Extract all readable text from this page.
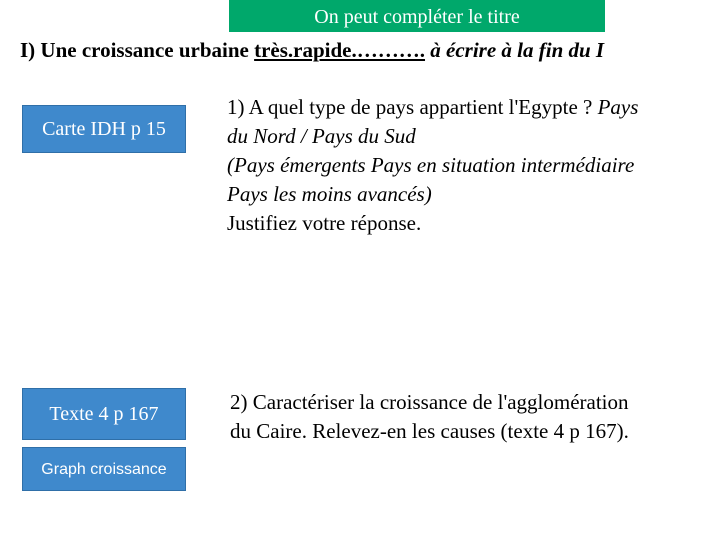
On peut compléter le titre
I) Une croissance urbaine très.rapide.………. à écrire à la fin du I
Carte IDH p 15
Texte 4 p 167
Graph croissance
1) A quel type de pays appartient l'Egypte ? Pays
du Nord / Pays du Sud
(Pays émergents Pays en situation intermédiaire
Pays les moins avancés)
Justifiez votre réponse.
2) Caractériser la croissance de l'agglomération
du Caire. Relevez-en les causes (texte 4 p 167).
